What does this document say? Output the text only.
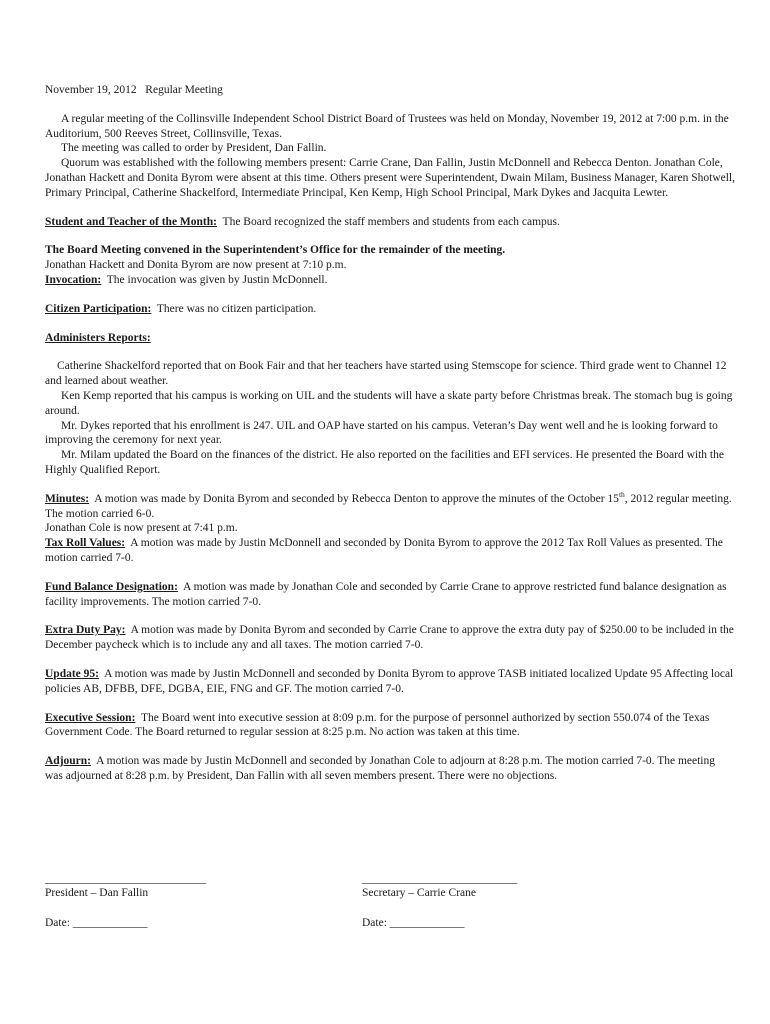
November 19, 2012 Regular Meeting

A regular meeting of the Collinsville Independent School District Board of Trustees was held on Monday, November 19, 2012 at 7:00 p.m. in the Auditorium, 500 Reeves Street, Collinsville, Texas.

The meeting was called to order by President, Dan Fallin.

Quorum was established with the following members present: Carrie Crane, Dan Fallin, Justin McDonnell and Rebecca Denton. Jonathan Cole, Jonathan Hackett and Donita Byrom were absent at this time. Others present were Superintendent, Dwain Milam, Business Manager, Karen Shotwell, Primary Principal, Catherine Shackelford, Intermediate Principal, Ken Kemp, High School Principal, Mark Dykes and Jacquita Lewter.

Student and Teacher of the Month: The Board recognized the staff members and students from each campus.

The Board Meeting convened in the Superintendent’s Office for the remainder of the meeting.

Jonathan Hackett and Donita Byrom are now present at 7:10 p.m.

Invocation: The invocation was given by Justin McDonnell.

Citizen Participation: There was no citizen participation.

Administers Reports:

Catherine Shackelford reported that on Book Fair and that her teachers have started using Stemscope for science. Third grade went to Channel 12 and learned about weather.

Ken Kemp reported that his campus is working on UIL and the students will have a skate party before Christmas break. The stomach bug is going around.

Mr. Dykes reported that his enrollment is 247. UIL and OAP have started on his campus. Veteran’s Day went well and he is looking forward to improving the ceremony for next year.

Mr. Milam updated the Board on the finances of the district. He also reported on the facilities and EFI services. He presented the Board with the Highly Qualified Report.

Minutes: A motion was made by Donita Byrom and seconded by Rebecca Denton to approve the minutes of the October 15th, 2012 regular meeting. The motion carried 6-0.

Jonathan Cole is now present at 7:41 p.m.

Tax Roll Values: A motion was made by Justin McDonnell and seconded by Donita Byrom to approve the 2012 Tax Roll Values as presented. The motion carried 7-0.

Fund Balance Designation: A motion was made by Jonathan Cole and seconded by Carrie Crane to approve restricted fund balance designation as facility improvements. The motion carried 7-0.

Extra Duty Pay: A motion was made by Donita Byrom and seconded by Carrie Crane to approve the extra duty pay of $250.00 to be included in the December paycheck which is to include any and all taxes. The motion carried 7-0.

Update 95: A motion was made by Justin McDonnell and seconded by Donita Byrom to approve TASB initiated localized Update 95 Affecting local policies AB, DFBB, DFE, DGBA, EIE, FNG and GF. The motion carried 7-0.

Executive Session: The Board went into executive session at 8:09 p.m. for the purpose of personnel authorized by section 550.074 of the Texas Government Code. The Board returned to regular session at 8:25 p.m. No action was taken at this time.

Adjourn: A motion was made by Justin McDonnell and seconded by Jonathan Cole to adjourn at 8:28 p.m. The motion carried 7-0. The meeting was adjourned at 8:28 p.m. by President, Dan Fallin with all seven members present. There were no objections.

____________________________

President – Dan Fallin

Date: _____________

___________________________

Secretary – Carrie Crane

Date: _____________
